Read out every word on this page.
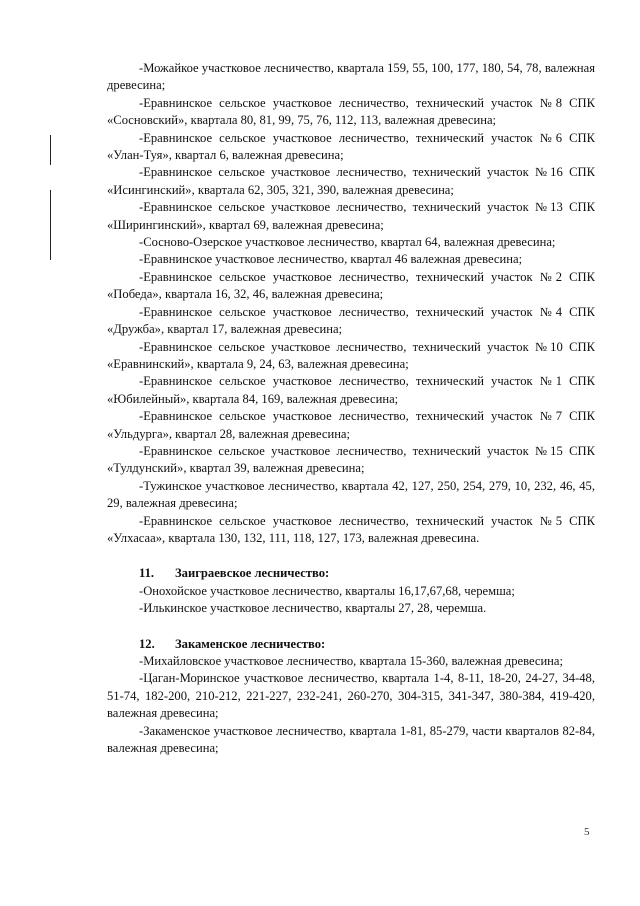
-Можайкое участковое лесничество, квартала 159, 55, 100, 177, 180, 54, 78, валежная древесина;

-Еравнинское сельское участковое лесничество, технический участок №8 СПК «Сосновский», квартала 80, 81, 99, 75, 76, 112, 113, валежная древесина;

-Еравнинское сельское участковое лесничество, технический участок №6 СПК «Улан-Туя», квартал 6, валежная древесина;

-Еравнинское сельское участковое лесничество, технический участок №16 СПК «Исингинский», квартала 62, 305, 321, 390, валежная древесина;

-Еравнинское сельское участковое лесничество, технический участок №13 СПК «Ширингинский», квартал 69, валежная древесина;

-Сосново-Озерское участковое лесничество, квартал 64, валежная древесина;

-Еравнинское участковое лесничество, квартал 46 валежная древесина;

-Еравнинское сельское участковое лесничество, технический участок №2 СПК «Победа», квартала 16, 32, 46, валежная древесина;

-Еравнинское сельское участковое лесничество, технический участок №4 СПК «Дружба», квартал 17, валежная древесина;

-Еравнинское сельское участковое лесничество, технический участок №10 СПК «Еравнинский», квартала 9, 24, 63, валежная древесина;

-Еравнинское сельское участковое лесничество, технический участок №1 СПК «Юбилейный», квартала 84, 169, валежная древесина;

-Еравнинское сельское участковое лесничество, технический участок №7 СПК «Ульдурга», квартал 28, валежная древесина;

-Еравнинское сельское участковое лесничество, технический участок №15 СПК «Тулдунский», квартал 39, валежная древесина;

-Тужинское участковое лесничество, квартала 42, 127, 250, 254, 279, 10, 232, 46, 45, 29, валежная древесина;

-Еравнинское сельское участковое лесничество, технический участок №5 СПК «Улхасаа», квартала 130, 132, 111, 118, 127, 173, валежная древесина.

11.	Заиграевское лесничество:

-Онохойское участковое лесничество, кварталы 16,17,67,68, черемша;

-Илькинское участковое лесничество, кварталы 27, 28, черемша.

12.	Закаменское лесничество:

-Михайловское участковое лесничество, квартала 15-360, валежная древесина;

-Цаган-Моринское участковое лесничество, квартала 1-4, 8-11, 18-20, 24-27, 34-48, 51-74, 182-200, 210-212, 221-227, 232-241, 260-270, 304-315, 341-347, 380-384, 419-420, валежная древесина;

-Закаменское участковое лесничество, квартала 1-81, 85-279, части кварталов 82-84, валежная древесина;

5
